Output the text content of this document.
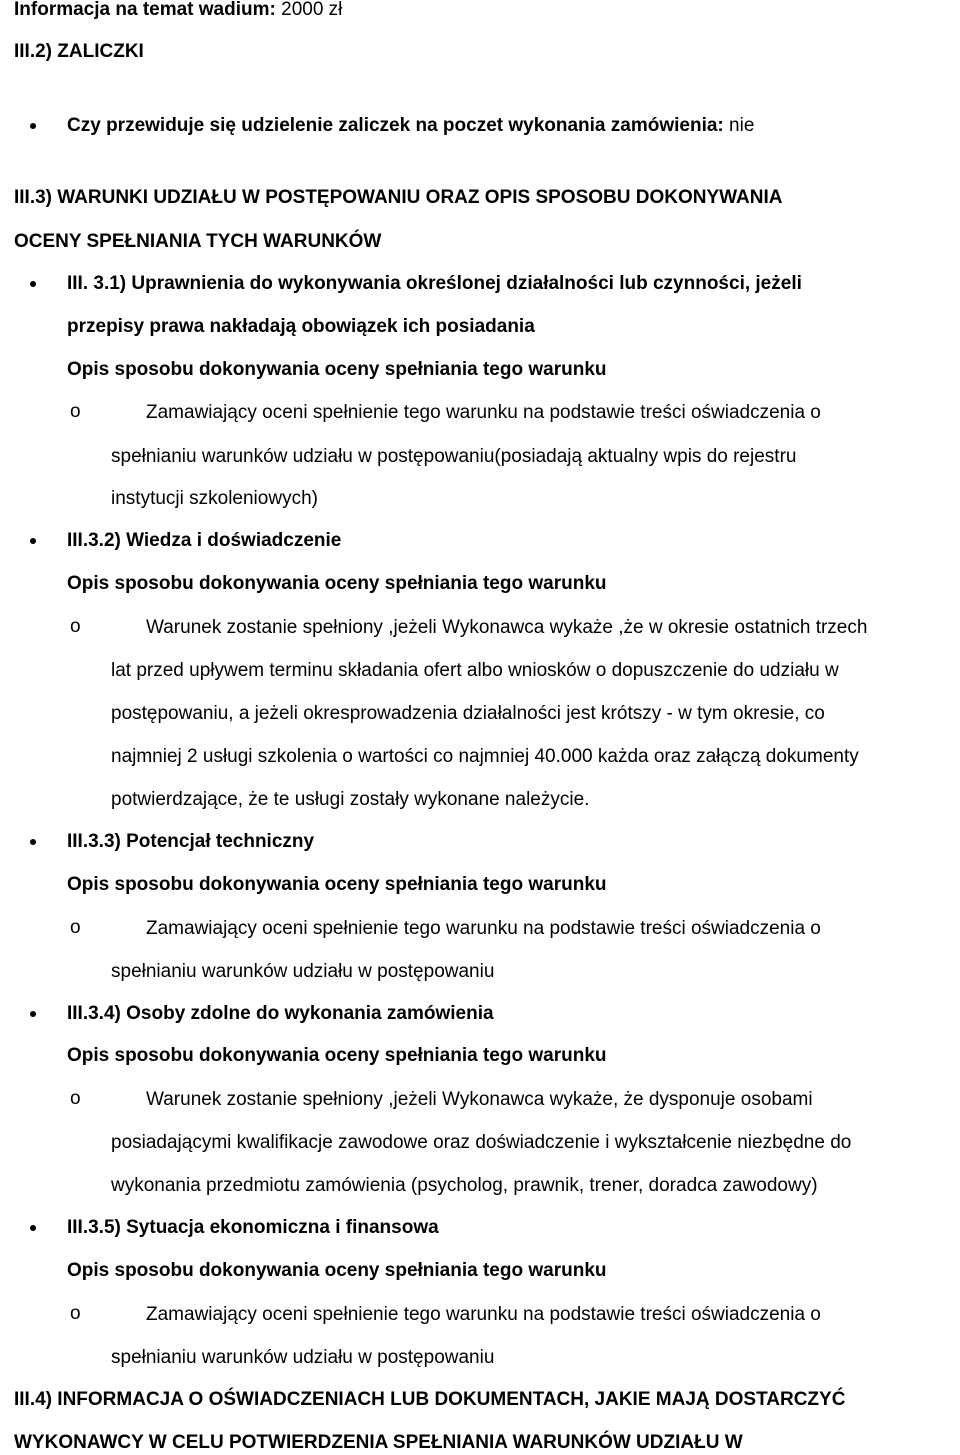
Informacja na temat wadium: 2000 zł
III.2) ZALICZKI
Czy przewiduje się udzielenie zaliczek na poczet wykonania zamówienia: nie
III.3) WARUNKI UDZIAŁU W POSTĘPOWANIU ORAZ OPIS SPOSOBU DOKONYWANIA
OCENY SPEŁNIANIA TYCH WARUNKÓW
III. 3.1) Uprawnienia do wykonywania określonej działalności lub czynności, jeżeli
przepisy prawa nakładają obowiązek ich posiadania
Opis sposobu dokonywania oceny spełniania tego warunku
o	Zamawiający oceni spełnienie tego warunku na podstawie treści oświadczenia o
spełnianiu warunków udziału w postępowaniu(posiadają aktualny wpis do rejestru
instytucji szkoleniowych)
III.3.2) Wiedza i doświadczenie
Opis sposobu dokonywania oceny spełniania tego warunku
o	Warunek zostanie spełniony ,jeżeli Wykonawca wykaże ,że w okresie ostatnich trzech
lat przed upływem terminu składania ofert albo wniosków o dopuszczenie do udziału w
postępowaniu, a jeżeli okresprowadzenia działalności jest krótszy - w tym okresie, co
najmniej 2 usługi szkolenia o wartości co najmniej 40.000 każda oraz załączą dokumenty
potwierdzające, że te usługi zostały wykonane należycie.
III.3.3) Potencjał techniczny
Opis sposobu dokonywania oceny spełniania tego warunku
o	Zamawiający oceni spełnienie tego warunku na podstawie treści oświadczenia o
spełnianiu warunków udziału w postępowaniu
III.3.4) Osoby zdolne do wykonania zamówienia
Opis sposobu dokonywania oceny spełniania tego warunku
o	Warunek zostanie spełniony ,jeżeli Wykonawca wykaże, że dysponuje osobami
posiadającymi kwalifikacje zawodowe oraz doświadczenie i wykształcenie niezbędne do
wykonania przedmiotu zamówienia (psycholog, prawnik, trener, doradca zawodowy)
III.3.5) Sytuacja ekonomiczna i finansowa
Opis sposobu dokonywania oceny spełniania tego warunku
o	Zamawiający oceni spełnienie tego warunku na podstawie treści oświadczenia o
spełnianiu warunków udziału w postępowaniu
III.4) INFORMACJA O OŚWIADCZENIACH LUB DOKUMENTACH, JAKIE MAJĄ DOSTARCZYĆ
WYKONAWCY W CELU POTWIERDZENIA SPEŁNIANIA WARUNKÓW UDZIAŁU W
